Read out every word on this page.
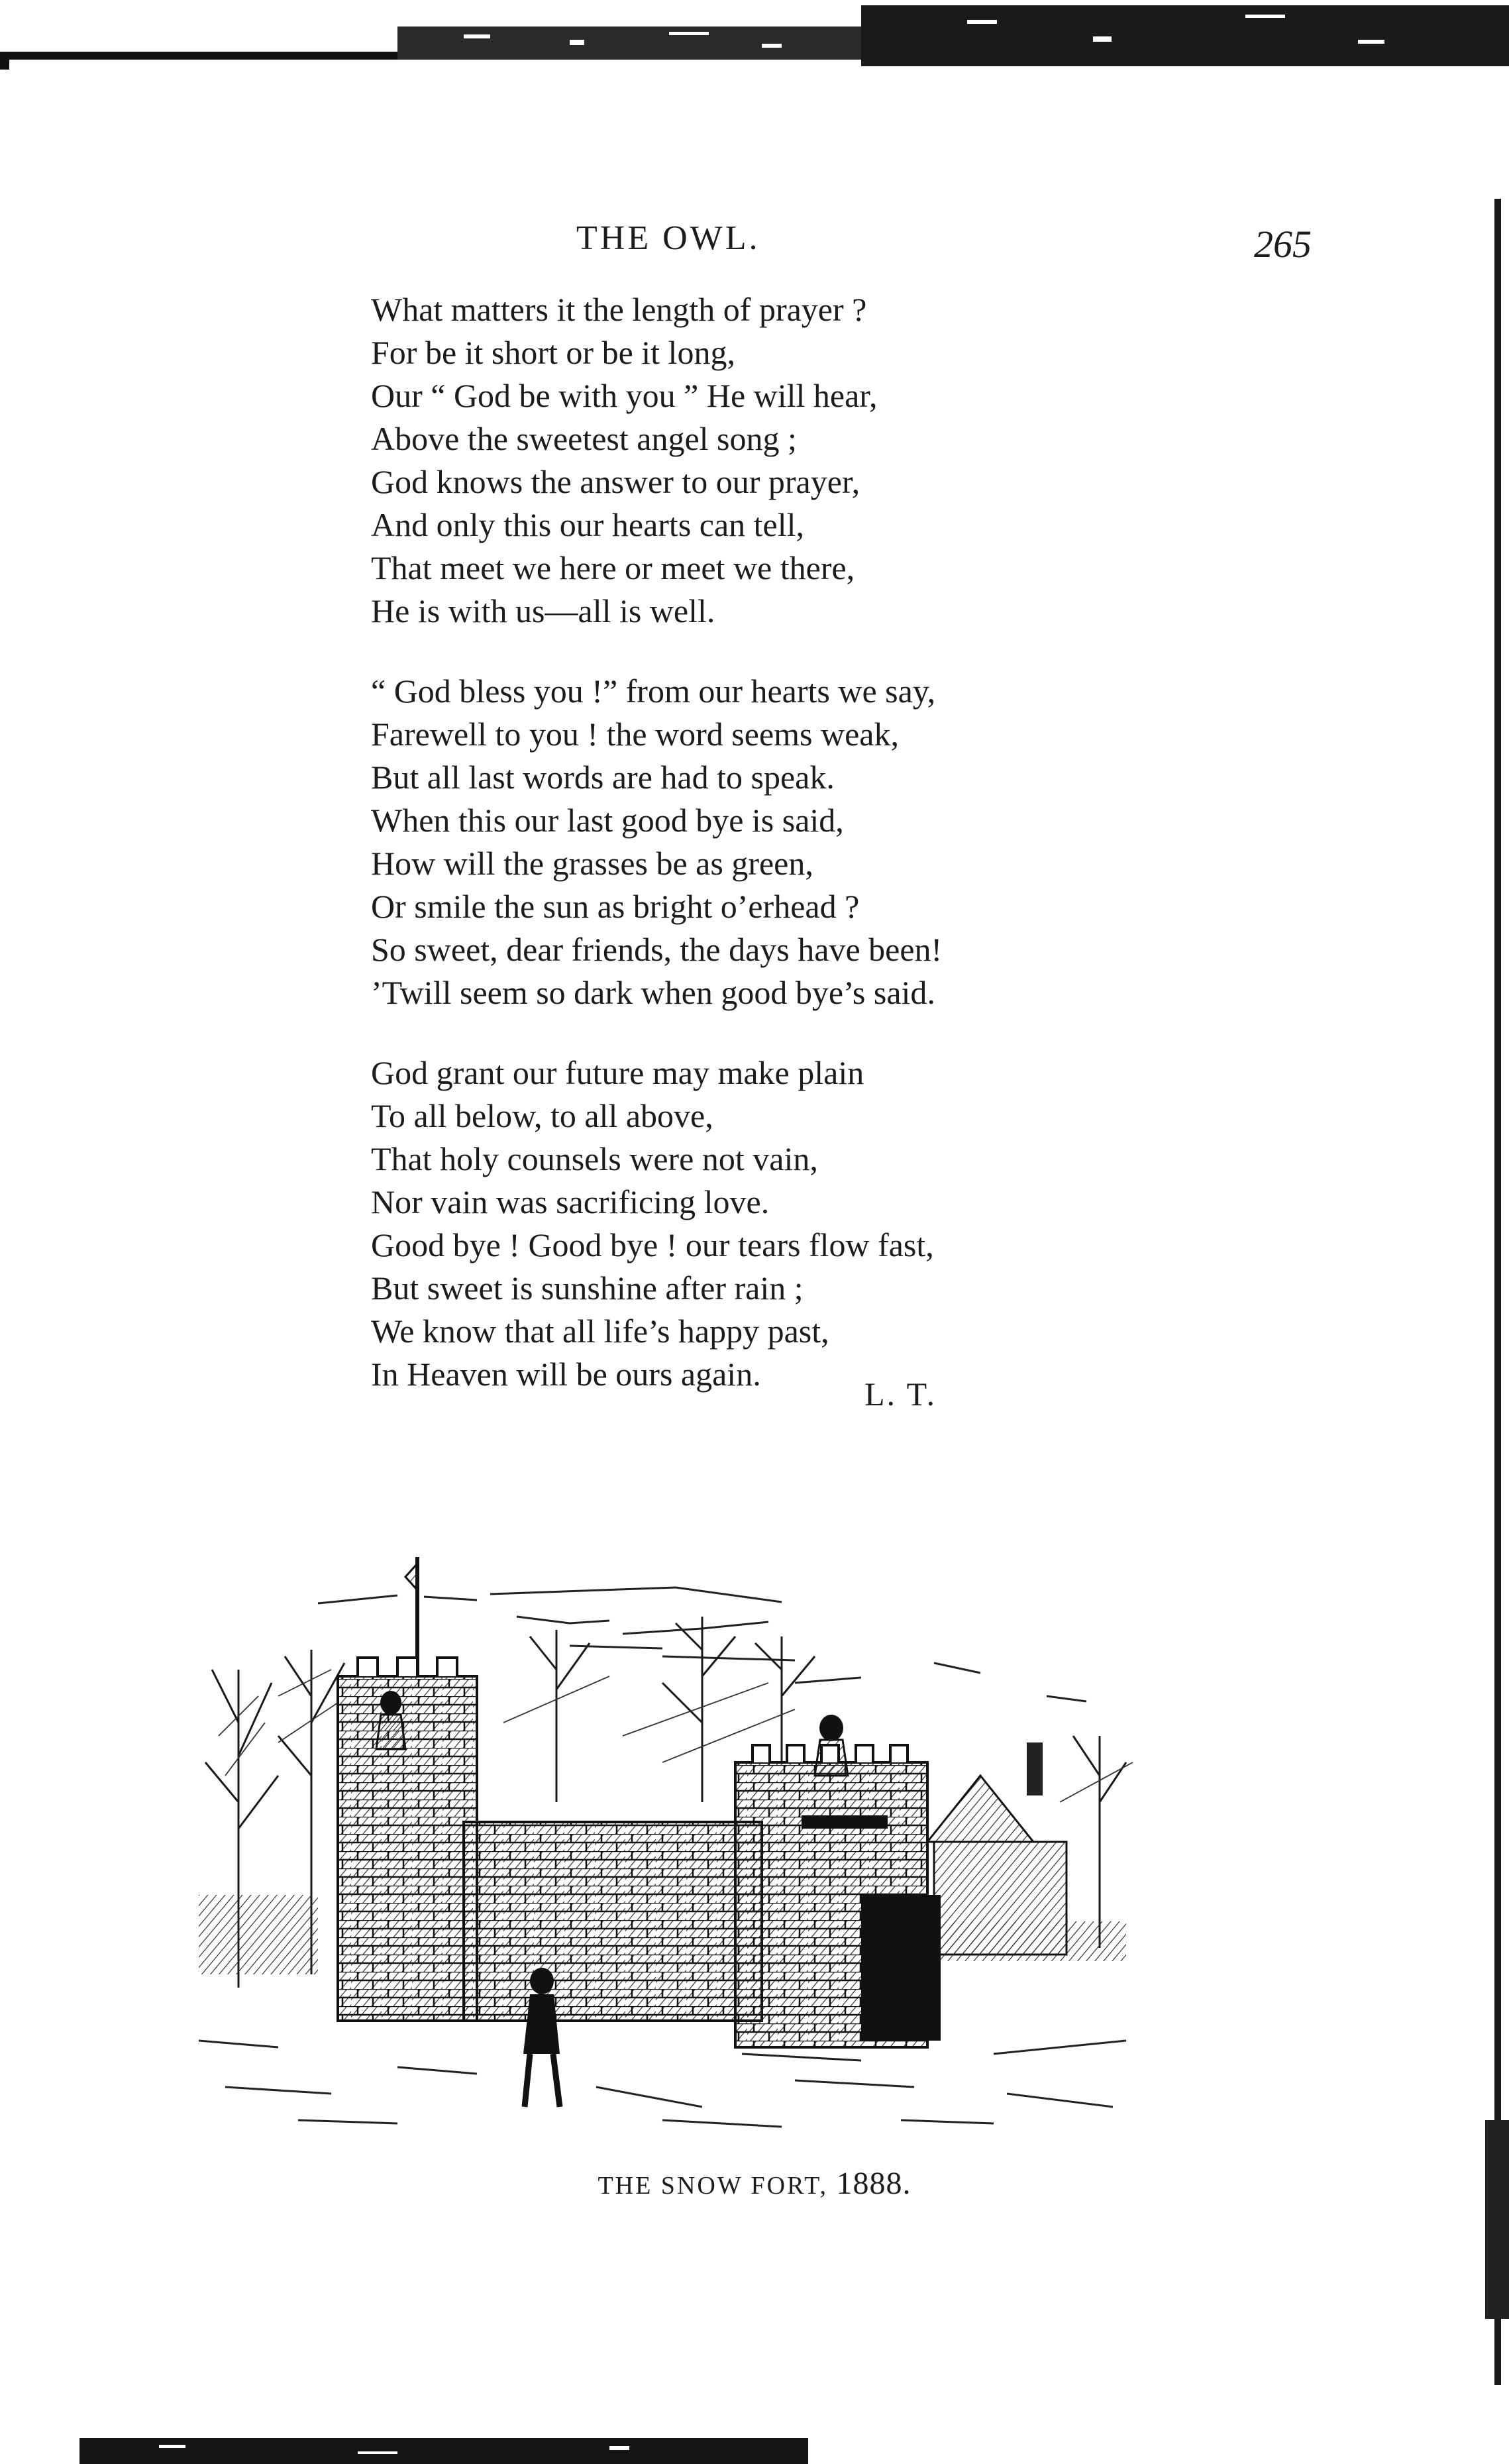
THE OWL.	265
What matters it the length of prayer ?
For be it short or be it long,
Our “ God be with you ” He will hear,
Above the sweetest angel song ;
God knows the answer to our prayer,
And only this our hearts can tell,
That meet we here or meet we there,
He is with us—all is well.
“ God bless you !” from our hearts we say,
Farewell to you ! the word seems weak,
But all last words are had to speak.
When this our last good bye is said,
How will the grasses be as green,
Or smile the sun as bright o’erhead ?
So sweet, dear friends, the days have been!
’Twill seem so dark when good bye’s said.
God grant our future may make plain
To all below, to all above,
That holy counsels were not vain,
Nor vain was sacrificing love.
Good bye ! Good bye ! our tears flow fast,
But sweet is sunshine after rain ;
We know that all life’s happy past,
In Heaven will be ours again.
L. T.
THE SNOW FORT, 1888.
